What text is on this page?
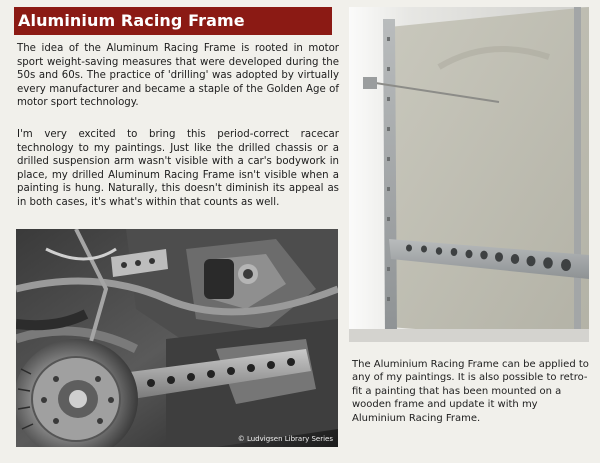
Aluminium Racing Frame

The idea of the Aluminum Racing Frame is rooted in motor sport weight-saving measures that were developed during the 50s and 60s. The practice of 'drilling' was adopted by virtually every manufacturer and became a staple of the Golden Age of motor sport technology.

I'm very excited to bring this period-correct racecar technology to my paintings. Just like the drilled chassis or a drilled suspension arm wasn't visible with a car's bodywork in place, my drilled Aluminum Racing Frame isn't visible when a painting is hung. Naturally, this doesn't diminish its appeal as in both cases, it's what's within that counts as well.

© Ludvigsen Library Series

The Aluminium Racing Frame can be applied to any of my paintings. It is also possible to retro-fit a painting that has been mounted on a wooden frame and update it with my Aluminium Racing Frame.
